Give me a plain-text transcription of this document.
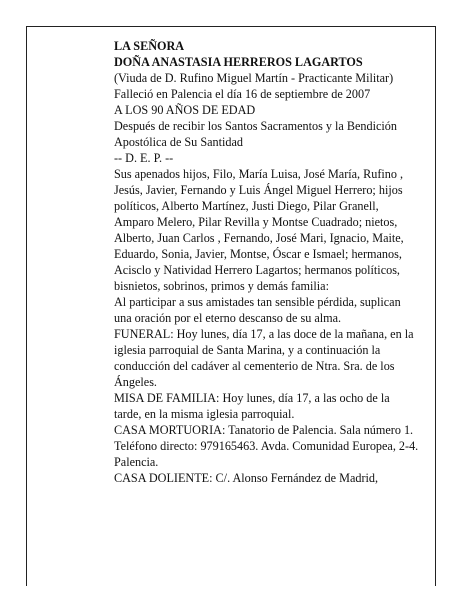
LA SEÑORA

DOÑA ANASTASIA HERREROS LAGARTOS

(Viuda de D. Rufino Miguel Martín - Practicante Militar)

Falleció en Palencia el día 16 de septiembre de 2007

A LOS 90 AÑOS DE EDAD

Después de recibir los Santos Sacramentos y la Bendición Apostólica de Su Santidad

-- D. E. P. --

Sus apenados hijos, Filo, María Luisa, José María, Rufino , Jesús, Javier, Fernando y Luis Ángel Miguel Herrero; hijos políticos, Alberto Martínez, Justi Diego, Pilar Granell, Amparo Melero, Pilar Revilla y Montse Cuadrado; nietos, Alberto, Juan Carlos , Fernando, José Mari, Ignacio, Maite, Eduardo, Sonia, Javier, Montse, Óscar e Ismael; hermanos, Acisclo y Natividad Herrero Lagartos; hermanos políticos, bisnietos, sobrinos, primos y demás familia:

Al participar a sus amistades tan sensible pérdida, suplican una oración por el eterno descanso de su alma.

FUNERAL: Hoy lunes, día 17, a las doce de la mañana, en la iglesia parroquial de Santa Marina, y a continuación la conducción del cadáver al cementerio de Ntra. Sra. de los Ángeles.

MISA DE FAMILIA: Hoy lunes, día 17, a las ocho de la tarde, en la misma iglesia parroquial.

CASA MORTUORIA: Tanatorio de Palencia. Sala número 1. Teléfono directo: 979165463. Avda. Comunidad Europea, 2-4. Palencia.

CASA DOLIENTE: C/. Alonso Fernández de Madrid,
